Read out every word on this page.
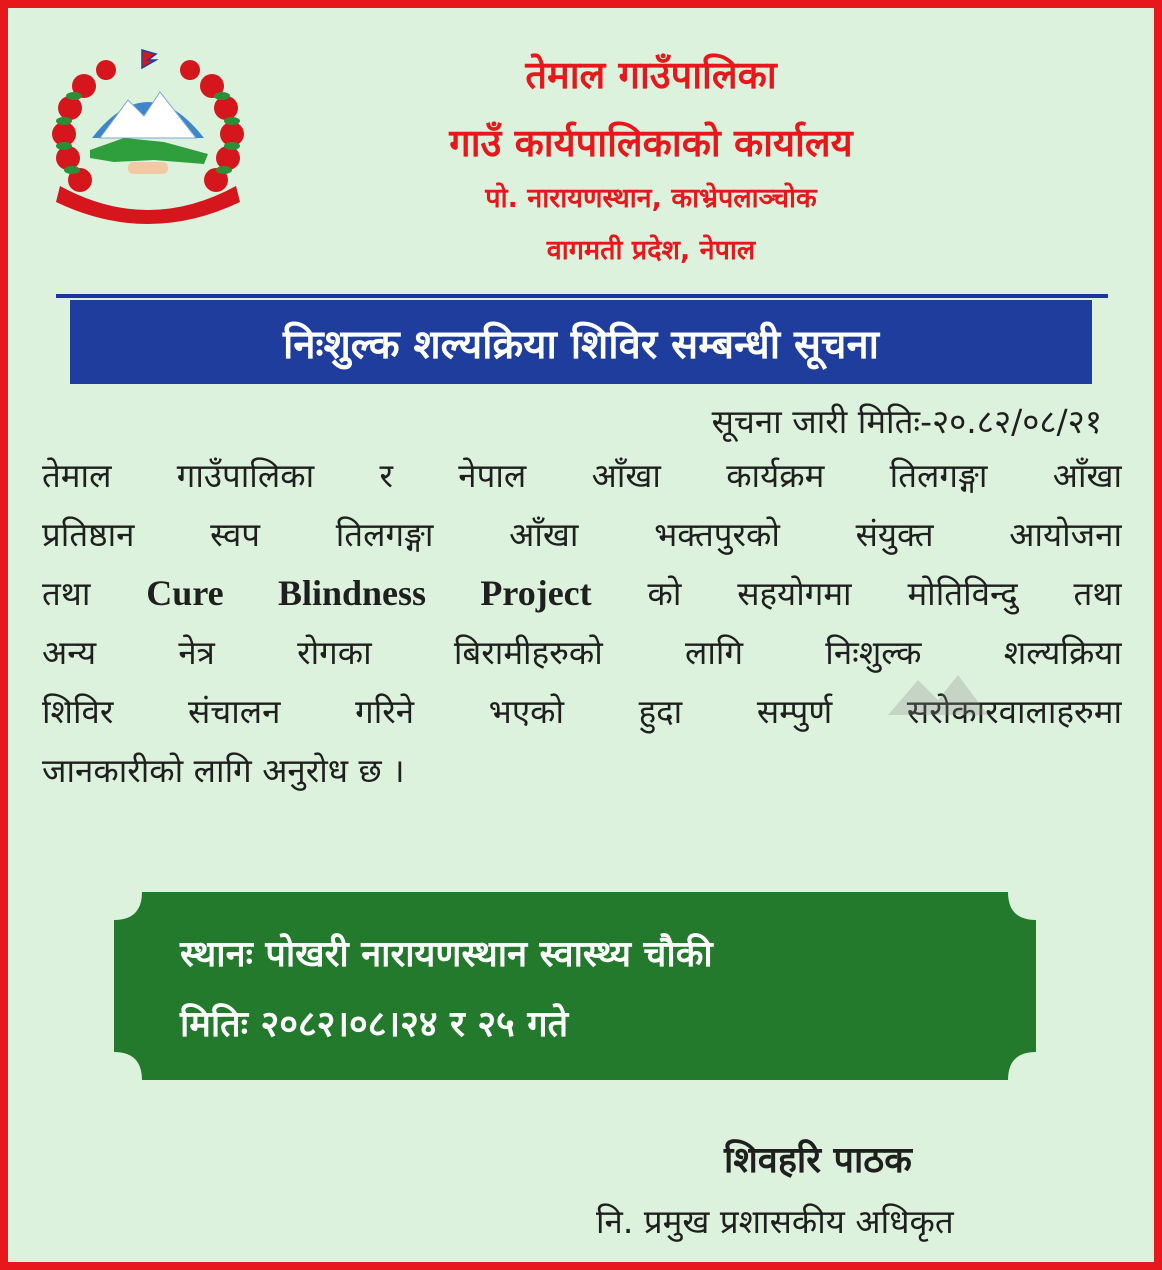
तेमाल गाउँपालिका
गाउँ कार्यपालिकाको कार्यालय
पो. नारायणस्थान, काभ्रेपलाञ्चोक
वागमती प्रदेश, नेपाल
निःशुल्क शल्यक्रिया शिविर सम्बन्धी सूचना
सूचना जारी मितिः-२०.८२/०८/२१
तेमाल गाउँपालिका र नेपाल आँखा कार्यक्रम तिलगङ्गा आँखा
प्रतिष्ठान स्वप तिलगङ्गा आँखा भक्तपुरको संयुक्त आयोजना
तथा Cure Blindness Project को सहयोगमा मोतिविन्दु तथा
अन्य नेत्र रोगका बिरामीहरुको लागि निःशुल्क शल्यक्रिया
शिविर संचालन गरिने भएको हुदा सम्पुर्ण सरोकारवालाहरुमा
जानकारीको लागि अनुरोध छ ।
स्थानः पोखरी नारायणस्थान स्वास्थ्य चौकी
मितिः २०८२।०८।२४ र २५ गते
शिवहरि पाठक
नि. प्रमुख प्रशासकीय अधिकृत
